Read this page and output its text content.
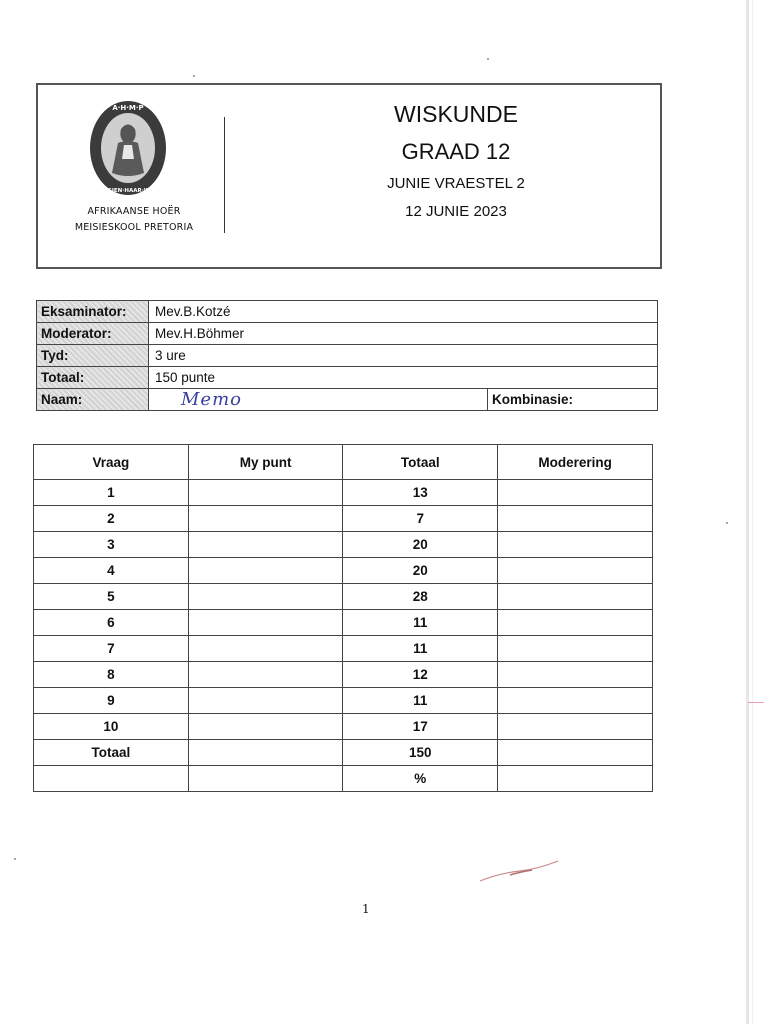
A·H·M·P
EK·SIEN·HAAR·WEN
AFRIKAANSE HOËR
MEISIESKOOL PRETORIA
WISKUNDE
GRAAD 12
JUNIE VRAESTEL 2
12 JUNIE 2023
Eksaminator:	Mev.B.Kotzé	
Moderator:	Mev.H.Böhmer	
Tyd:	3 ure	
Totaal:	150 punte	
Naam:	Memo	Kombinasie:
Vraag	My punt	Totaal	Moderering
1		13	
2		7	
3		20	
4		20	
5		28	
6		11	
7		11	
8		12	
9		11	
10		17	
Totaal		150	
		%	
1
